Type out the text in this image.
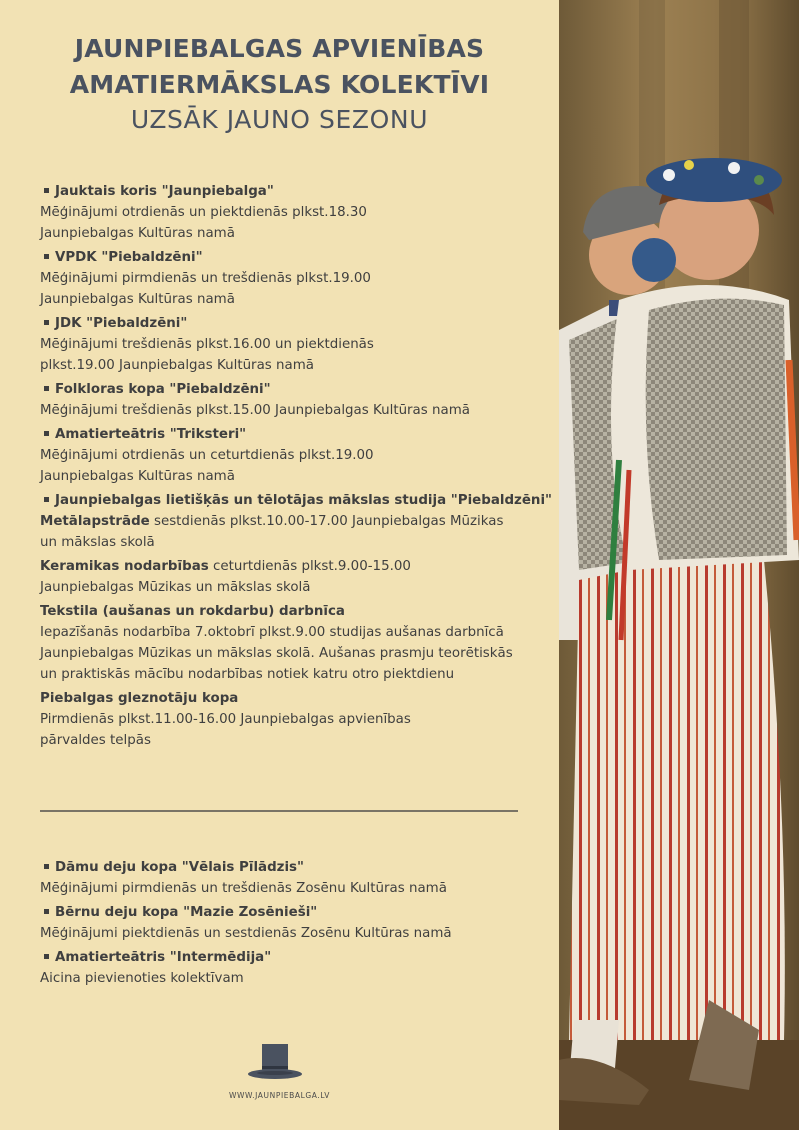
JAUNPIEBALGAS APVIENĪBAS
AMATIERMĀKSLAS KOLEKTĪVI
UZSĀK JAUNO SEZONU
Jauktais koris "Jaunpiebalga"
Mēģinājumi otrdienās un piektdienās plkst.18.30 Jaunpiebalgas Kultūras namā
VPDK "Piebaldzēni"
Mēģinājumi pirmdienās un trešdienās plkst.19.00 Jaunpiebalgas Kultūras namā
JDK "Piebaldzēni"
Mēģinājumi trešdienās plkst.16.00 un piektdienās plkst.19.00 Jaunpiebalgas Kultūras namā
Folkloras kopa "Piebaldzēni"
Mēģinājumi trešdienās plkst.15.00 Jaunpiebalgas Kultūras namā
Amatierteātris "Triksteri"
Mēģinājumi otrdienās un ceturtdienās plkst.19.00 Jaunpiebalgas Kultūras namā
Jaunpiebalgas lietišķās un tēlotājas mākslas studija "Piebaldzēni"
Metālapstrāde sestdienās plkst.10.00-17.00 Jaunpiebalgas Mūzikas un mākslas skolā
Keramikas nodarbības ceturtdienās plkst.9.00-15.00 Jaunpiebalgas Mūzikas un mākslas skolā
Tekstila (aušanas un rokdarbu) darbnīca
Iepazīšanās nodarbība 7.oktobrī plkst.9.00 studijas aušanas darbnīcā Jaunpiebalgas Mūzikas un mākslas skolā. Aušanas prasmju teorētiskās un praktiskās mācību nodarbības notiek katru otro piektdienu
Piebalgas gleznotāju kopa
Pirmdienās plkst.11.00-16.00 Jaunpiebalgas apvienības pārvaldes telpās
Dāmu deju kopa "Vēlais Pīlādzis"
Mēģinājumi pirmdienās un trešdienās Zosēnu Kultūras namā
Bērnu deju kopa "Mazie Zosēnieši"
Mēģinājumi piektdienās un sestdienās Zosēnu Kultūras namā
Amatierteātris "Intermēdija"
Aicina pievienoties kolektīvam
WWW.JAUNPIEBALGA.LV
